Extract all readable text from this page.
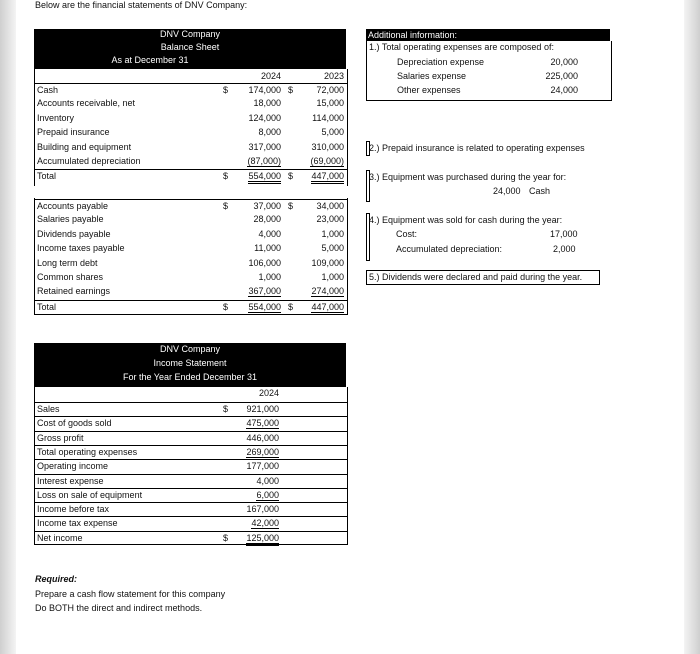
Below are the financial statements of DNV Company:
DNV Company
Balance Sheet
As at December 31
2024	2023
Cash	$ 174,000 $	72,000
Accounts receivable, net	18,000	15,000
Inventory	124,000	114,000
Prepaid insurance	8,000	5,000
Building and equipment	317,000	310,000
Accumulated depreciation	(87,000)	(69,000)
Total	$ 554,000 $ 447,000
Accounts payable	$	37,000 $	34,000
Salaries payable	28,000	23,000
Dividends payable	4,000	1,000
Income taxes payable	11,000	5,000
Long term debt	106,000	109,000
Common shares	1,000	1,000
Retained earnings	367,000	274,000
Total	$ 554,000 $ 447,000
Additional information:
1.) Total operating expenses are composed of:
Depreciation expense	20,000
Salaries expense	225,000
Other expenses	24,000
2.) Prepaid insurance is related to operating expenses
3.) Equipment was purchased during the year for:
24,000 Cash
4.) Equipment was sold for cash during the year:
Cost:	17,000
Accumulated depreciation:	2,000
5.) Dividends were declared and paid during the year.
DNV Company
Income Statement
For the Year Ended December 31
2024
Sales	$ 921,000
Cost of goods sold	475,000
Gross profit	446,000
Total operating expenses	269,000
Operating income	177,000
Interest expense	4,000
Loss on sale of equipment	6,000
Income before tax	167,000
Income tax expense	42,000
Net income	$ 125,000
Required:
Prepare a cash flow statement for this company
Do BOTH the direct and indirect methods.
